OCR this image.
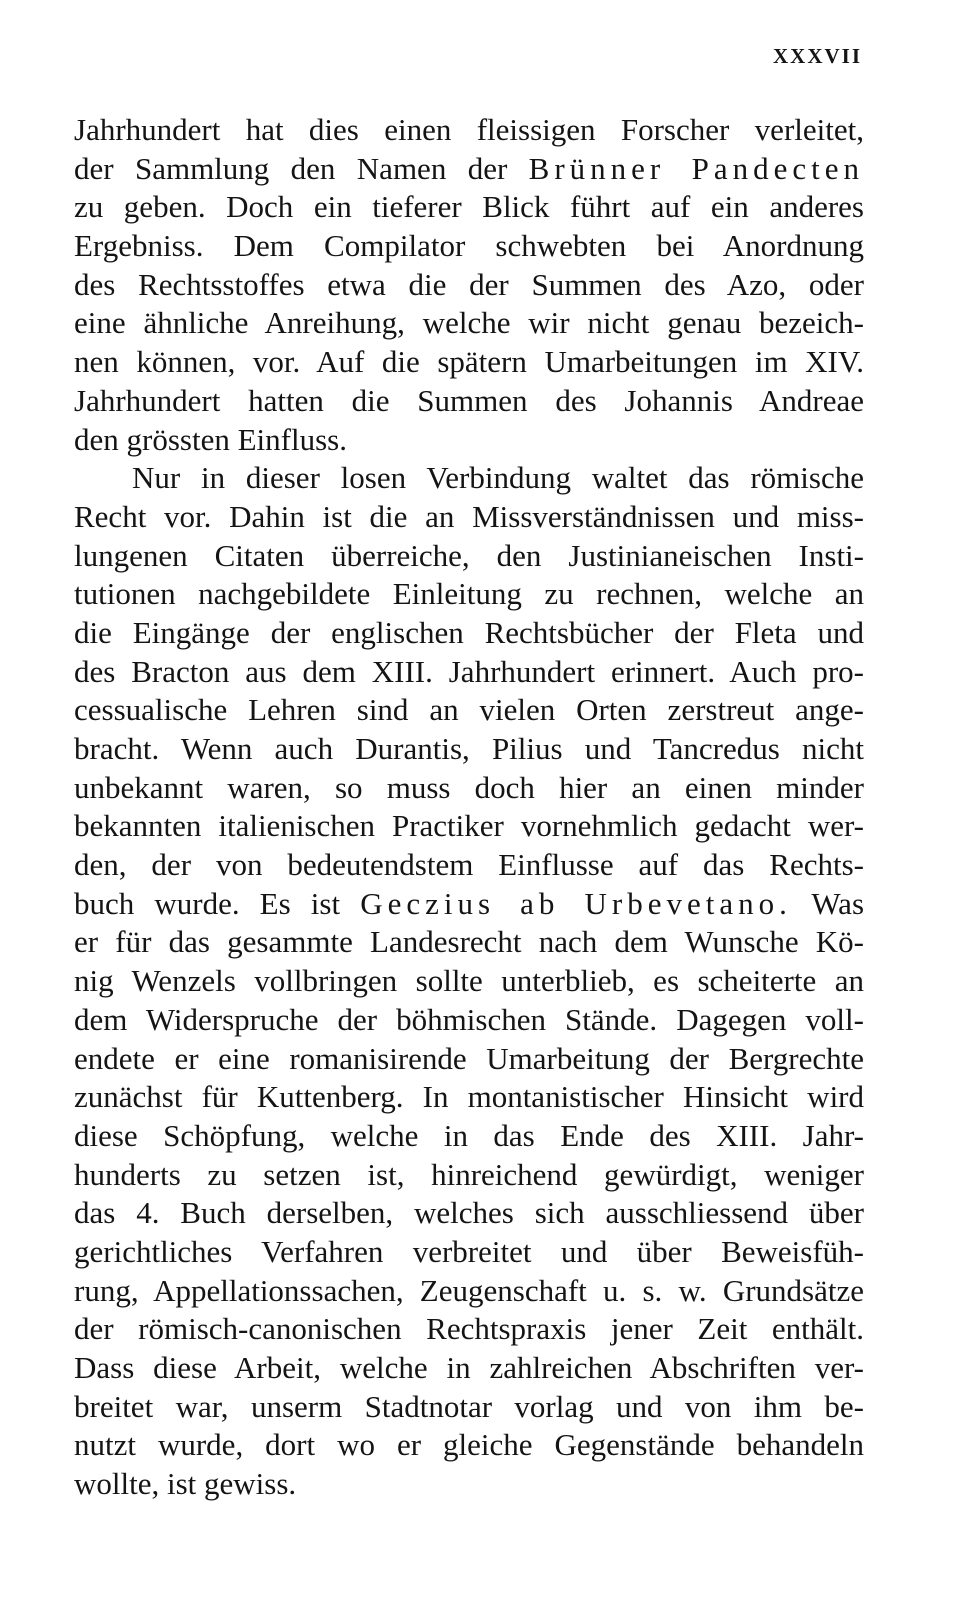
XXXVII
Jahrhundert hat dies einen fleissigen Forscher verleitet,
der Sammlung den Namen der Brünner Pandecten
zu geben. Doch ein tieferer Blick führt auf ein anderes
Ergebniss. Dem Compilator schwebten bei Anordnung
des Rechtsstoffes etwa die der Summen des Azo, oder
eine ähnliche Anreihung, welche wir nicht genau bezeich-
nen können, vor. Auf die spätern Umarbeitungen im XIV.
Jahrhundert hatten die Summen des Johannis Andreae
den grössten Einfluss.
Nur in dieser losen Verbindung waltet das römische
Recht vor. Dahin ist die an Missverständnissen und miss-
lungenen Citaten überreiche, den Justinianeischen Insti-
tutionen nachgebildete Einleitung zu rechnen, welche an
die Eingänge der englischen Rechtsbücher der Fleta und
des Bracton aus dem XIII. Jahrhundert erinnert. Auch pro-
cessualische Lehren sind an vielen Orten zerstreut ange-
bracht. Wenn auch Durantis, Pilius und Tancredus nicht
unbekannt waren, so muss doch hier an einen minder
bekannten italienischen Practiker vornehmlich gedacht wer-
den, der von bedeutendstem Einflusse auf das Rechts-
buch wurde. Es ist Geczius ab Urbevetano. Was
er für das gesammte Landesrecht nach dem Wunsche Kö-
nig Wenzels vollbringen sollte unterblieb, es scheiterte an
dem Widerspruche der böhmischen Stände. Dagegen voll-
endete er eine romanisirende Umarbeitung der Bergrechte
zunächst für Kuttenberg. In montanistischer Hinsicht wird
diese Schöpfung, welche in das Ende des XIII. Jahr-
hunderts zu setzen ist, hinreichend gewürdigt, weniger
das 4. Buch derselben, welches sich ausschliessend über
gerichtliches Verfahren verbreitet und über Beweisfüh-
rung, Appellationssachen, Zeugenschaft u. s. w. Grundsätze
der römisch-canonischen Rechtspraxis jener Zeit enthält.
Dass diese Arbeit, welche in zahlreichen Abschriften ver-
breitet war, unserm Stadtnotar vorlag und von ihm be-
nutzt wurde, dort wo er gleiche Gegenstände behandeln
wollte, ist gewiss.
